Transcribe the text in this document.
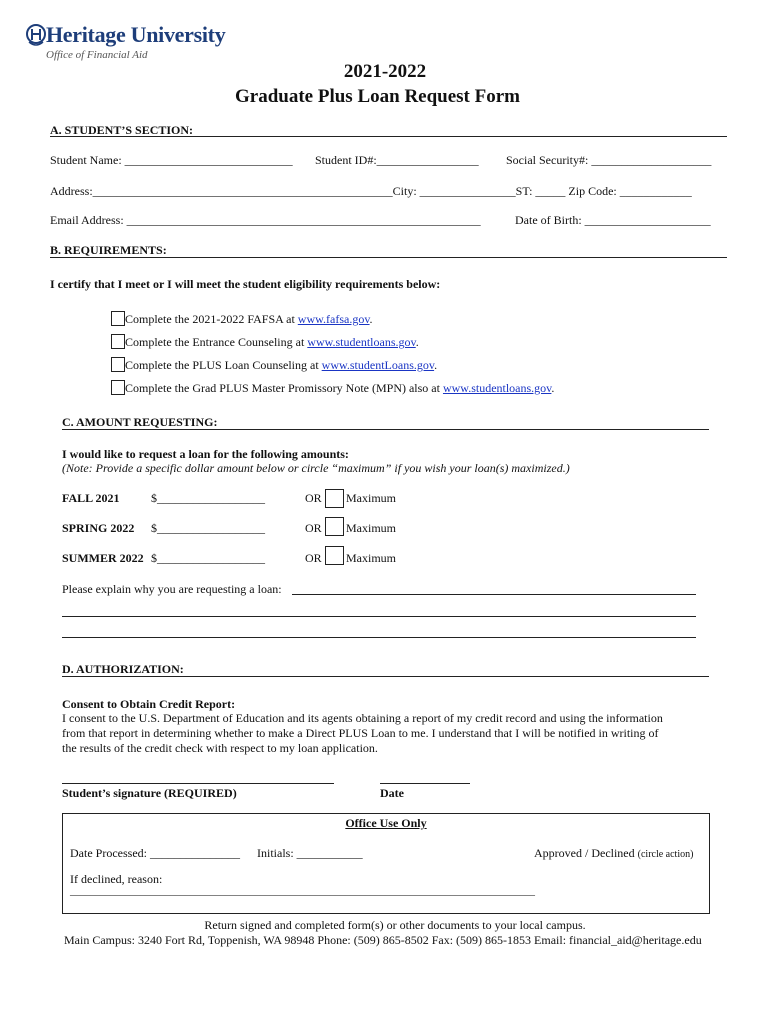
Heritage University
Office of Financial Aid
2021-2022
Graduate Plus Loan Request Form
A. STUDENT’S SECTION:
Student Name: ____________________________ Student ID#:_________________ Social Security#: ____________________
Address:__________________________________________________City: ________________ST: _____ Zip Code: ____________
Email Address: ___________________________________________________________	Date of Birth: _____________________
B. REQUIREMENTS:
I certify that I meet or I will meet the student eligibility requirements below:
Complete the 2021-2022 FAFSA at www.fafsa.gov.
Complete the Entrance Counseling at www.studentloans.gov.
Complete the PLUS Loan Counseling at www.studentLoans.gov.
Complete the Grad PLUS Master Promissory Note (MPN) also at www.studentloans.gov.
C. AMOUNT REQUESTING:
I would like to request a loan for the following amounts:
(Note: Provide a specific dollar amount below or circle “maximum” if you wish your loan(s) maximized.)
FALL 2021	$__________________	OR Maximum
SPRING 2022 $__________________	OR Maximum
SUMMER 2022 $__________________	OR Maximum
Please explain why you are requesting a loan:
D. AUTHORIZATION:
Consent to Obtain Credit Report:
I consent to the U.S. Department of Education and its agents obtaining a report of my credit record and using the information
from that report in determining whether to make a Direct PLUS Loan to me. I understand that I will be notified in writing of
the results of the credit check with respect to my loan application.
Student’s signature (REQUIRED)	Date
Office Use Only
Date Processed: _______________ Initials: ___________	Approved / Declined (circle action)
If declined, reason:
_____________________________________________________________________________________________
Return signed and completed form(s) or other documents to your local campus.
Main Campus: 3240 Fort Rd, Toppenish, WA 98948 Phone: (509) 865-8502 Fax: (509) 865-1853 Email: financial_aid@heritage.edu
